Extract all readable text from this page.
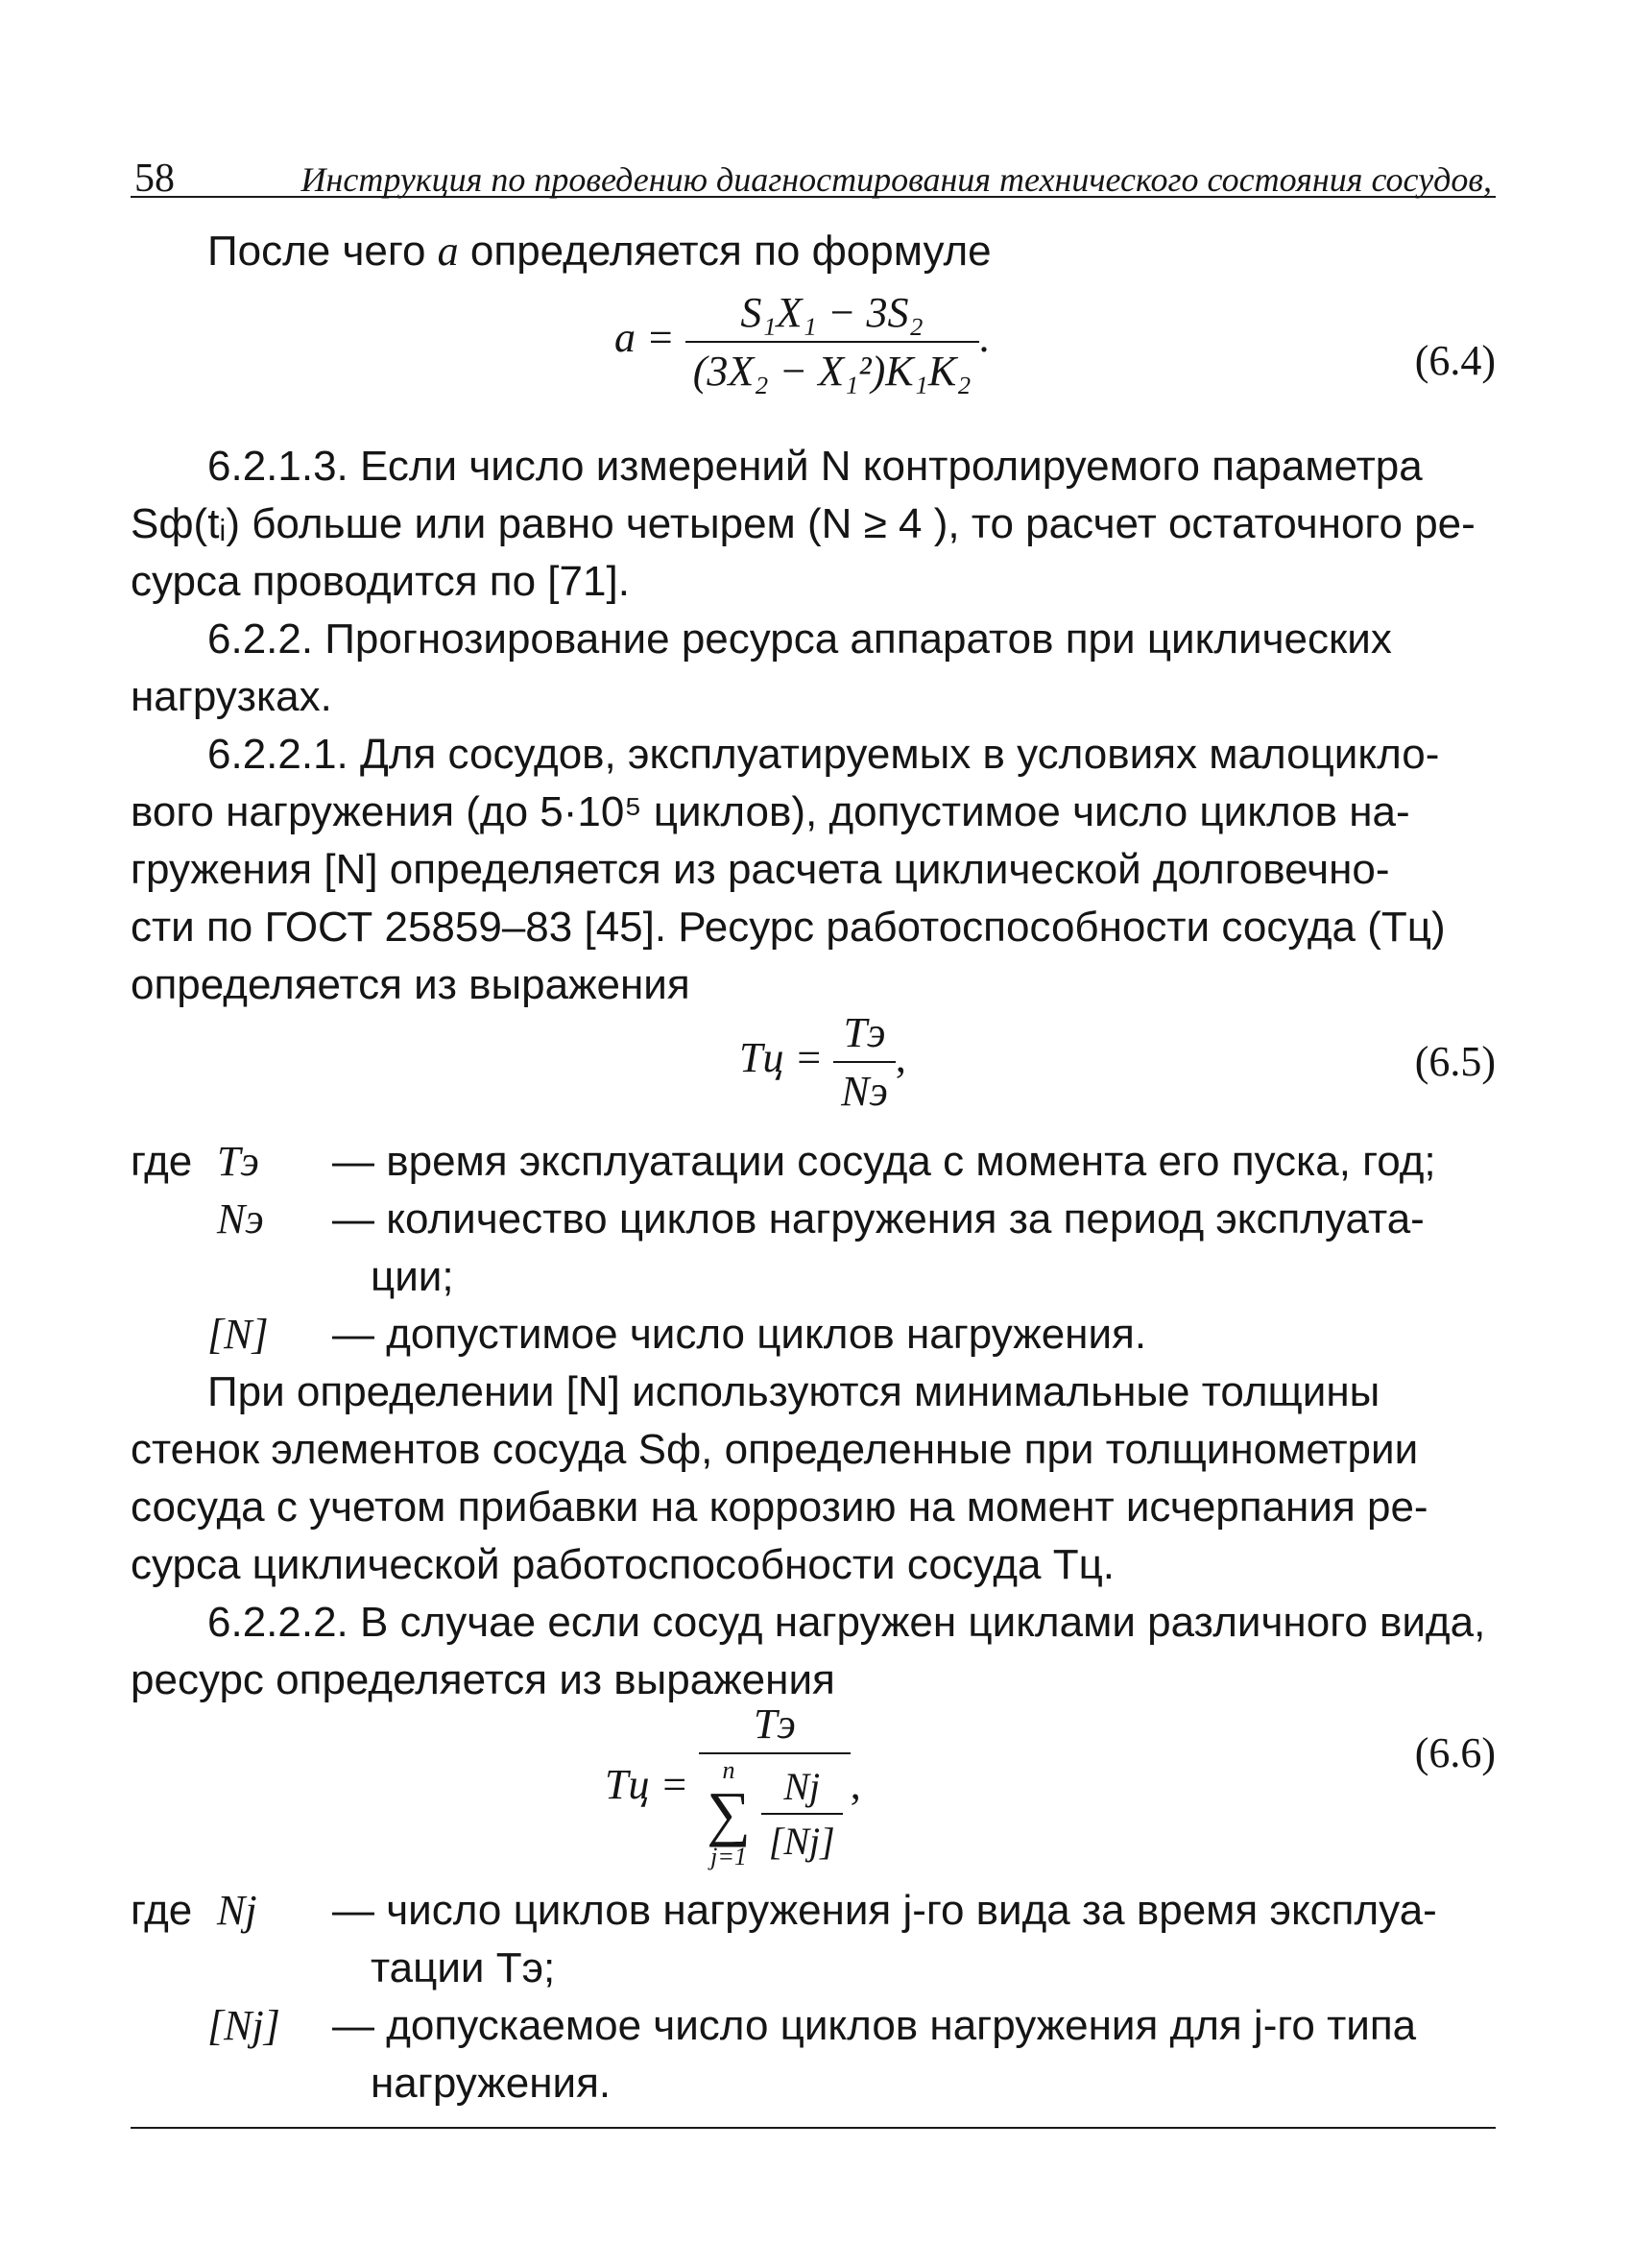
58	Инструкция по проведению диагностирования технического состояния сосудов,

После чего a определяется по формуле

$a = \frac{\text{S₁X₁ − 3S₂}}{\text{(3X₂ − X₁²)K₁K₂}}$ .	(6.4)

6.2.1.3. Если число измерений N контролируемого параметра

Sф(tᵢ) больше или равно четырем (N ≥ 4 ), то расчет остаточного ре-

сурса проводится по [71].

6.2.2. Прогнозирование ресурса аппаратов при циклических

нагрузках.

6.2.2.1. Для сосудов, эксплуатируемых в условиях малоцикло-

вого нагружения (до 5·10⁵ циклов), допустимое число циклов на-

гружения [N] определяется из расчета циклической долговечно-

сти по ГОСТ 25859–83 [45]. Ресурс работоспособности сосуда (Tц)

определяется из выражения

Tц = $\frac{Tэ}{Nэ}$ ,	(6.5)
где Tэ — время эксплуатации сосуда с момента его пуска, год;
Nэ — количество циклов нагружения за период эксплуата-
ции;
[N] — допустимое число циклов нагружения.

При определении [N] используются минимальные толщины

стенок элементов сосуда Sф, определенные при толщинометрии

сосуда с учетом прибавки на коррозию на момент исчерпания ре-

сурса циклической работоспособности сосуда Tц.

6.2.2.2. В случае если сосуд нагружен циклами различного вида,

ресурс определяется из выражения

Tц =
Tэ
n
∑
j=1
$\frac{Nj}{[Nj]}$ ,
(6.6)
где Nj — число циклов нагружения j-го вида за время эксплуа-
тации Tэ;
[Nj] — допускаемое число циклов нагружения для j-го типа
нагружения.
